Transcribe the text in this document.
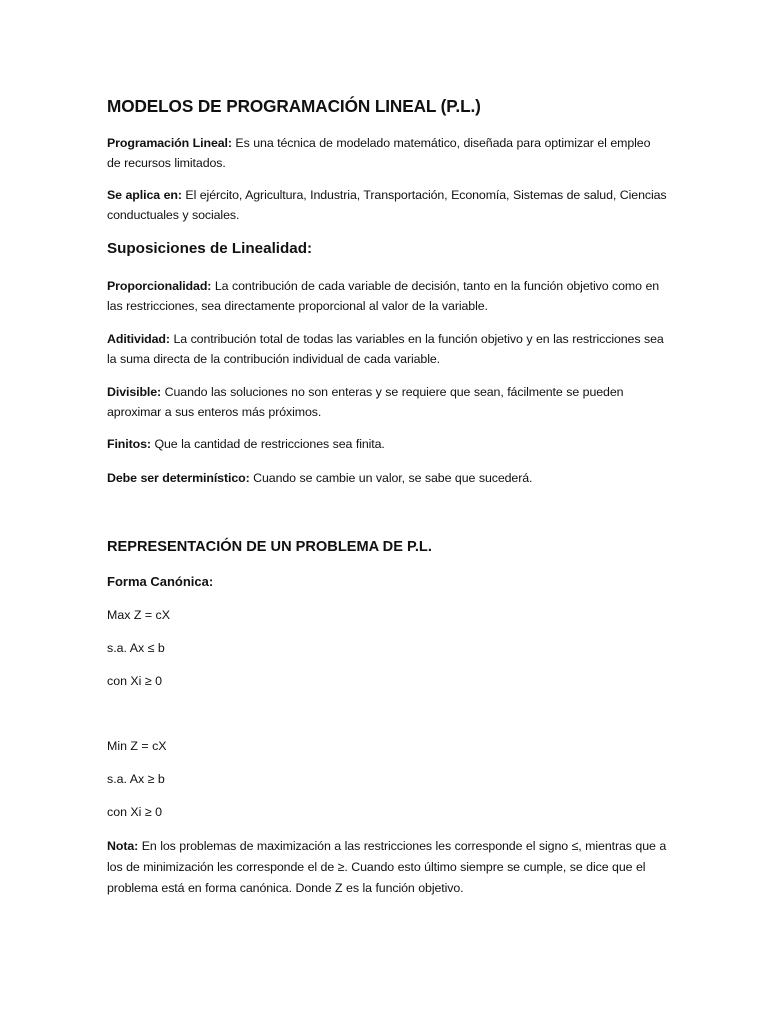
MODELOS DE PROGRAMACIÓN LINEAL (P.L.)
Programación Lineal: Es una técnica de modelado matemático, diseñada para optimizar el empleo de recursos limitados.
Se aplica en: El ejército, Agricultura, Industria, Transportación, Economía, Sistemas de salud, Ciencias conductuales y sociales.
Suposiciones de Linealidad:
Proporcionalidad: La contribución de cada variable de decisión, tanto en la función objetivo como en las restricciones, sea directamente proporcional al valor de la variable.
Aditividad: La contribución total de todas las variables en la función objetivo y en las restricciones sea la suma directa de la contribución individual de cada variable.
Divisible: Cuando las soluciones no son enteras y se requiere que sean, fácilmente se pueden aproximar a sus enteros más próximos.
Finitos: Que la cantidad de restricciones sea finita.
Debe ser determinístico: Cuando se cambie un valor, se sabe que sucederá.
REPRESENTACIÓN DE UN PROBLEMA DE P.L.
Forma Canónica:
Max Z = cX
s.a. Ax ≤ b
con Xi ≥ 0
Min Z = cX
s.a. Ax ≥ b
con Xi ≥ 0
Nota: En los problemas de maximización a las restricciones les corresponde el signo ≤, mientras que a los de minimización les corresponde el de ≥. Cuando esto último siempre se cumple, se dice que el problema está en forma canónica. Donde Z es la función objetivo.
